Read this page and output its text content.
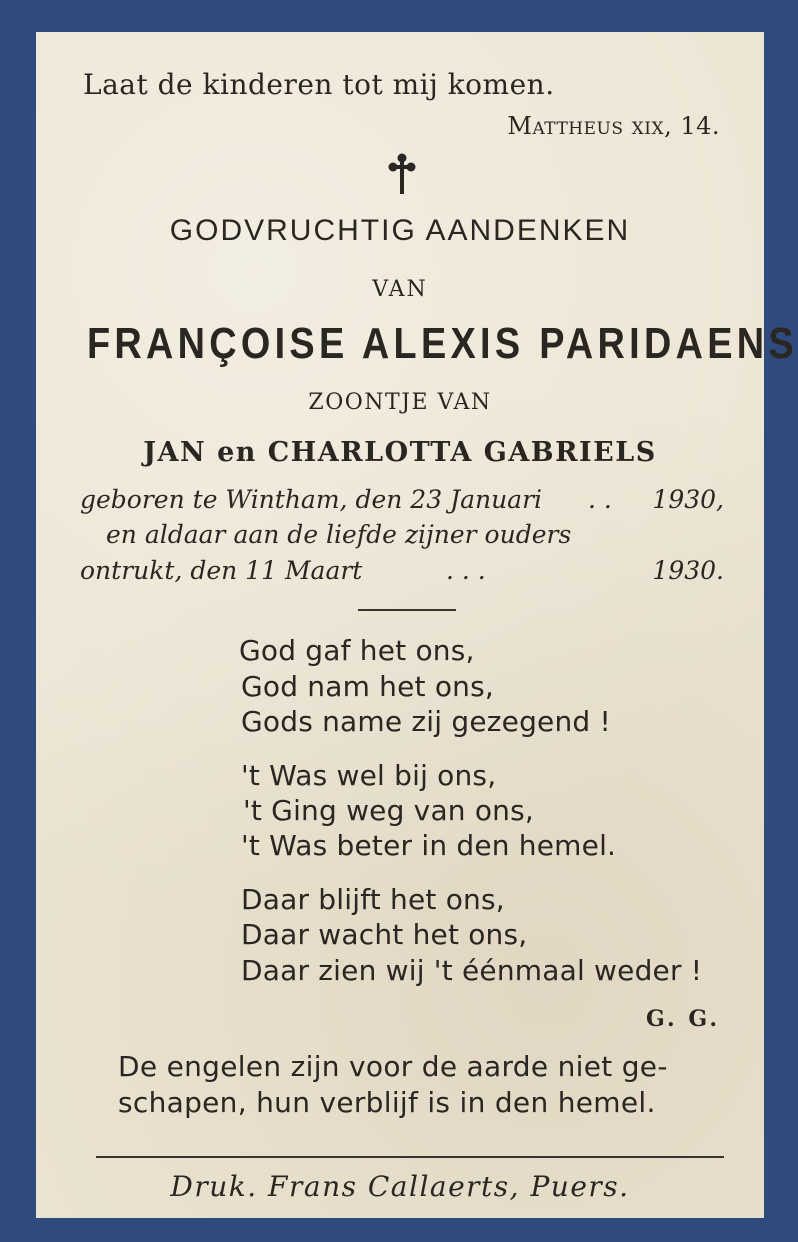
Laat de kinderen tot mij komen.
Mattheus xix, 14.
GODVRUCHTIG AANDENKEN
VAN
FRANÇOISE ALEXIS PARIDAENS
ZOONTJE VAN
JAN en CHARLOTTA GABRIELS
geboren te Wintham, den 23 Januari . . 1930,
en aldaar aan de liefde zijner ouders
ontrukt, den 11 Maart	. . .	1930.
God gaf het ons,
God nam het ons,
Gods name zij gezegend !
't Was wel bij ons,
't Ging weg van ons,
't Was beter in den hemel.
Daar blijft het ons,
Daar wacht het ons,
Daar zien wij 't éénmaal weder !
G. G.
De engelen zijn voor de aarde niet ge-
schapen, hun verblijf is in den hemel.
Druk. Frans Callaerts, Puers.
